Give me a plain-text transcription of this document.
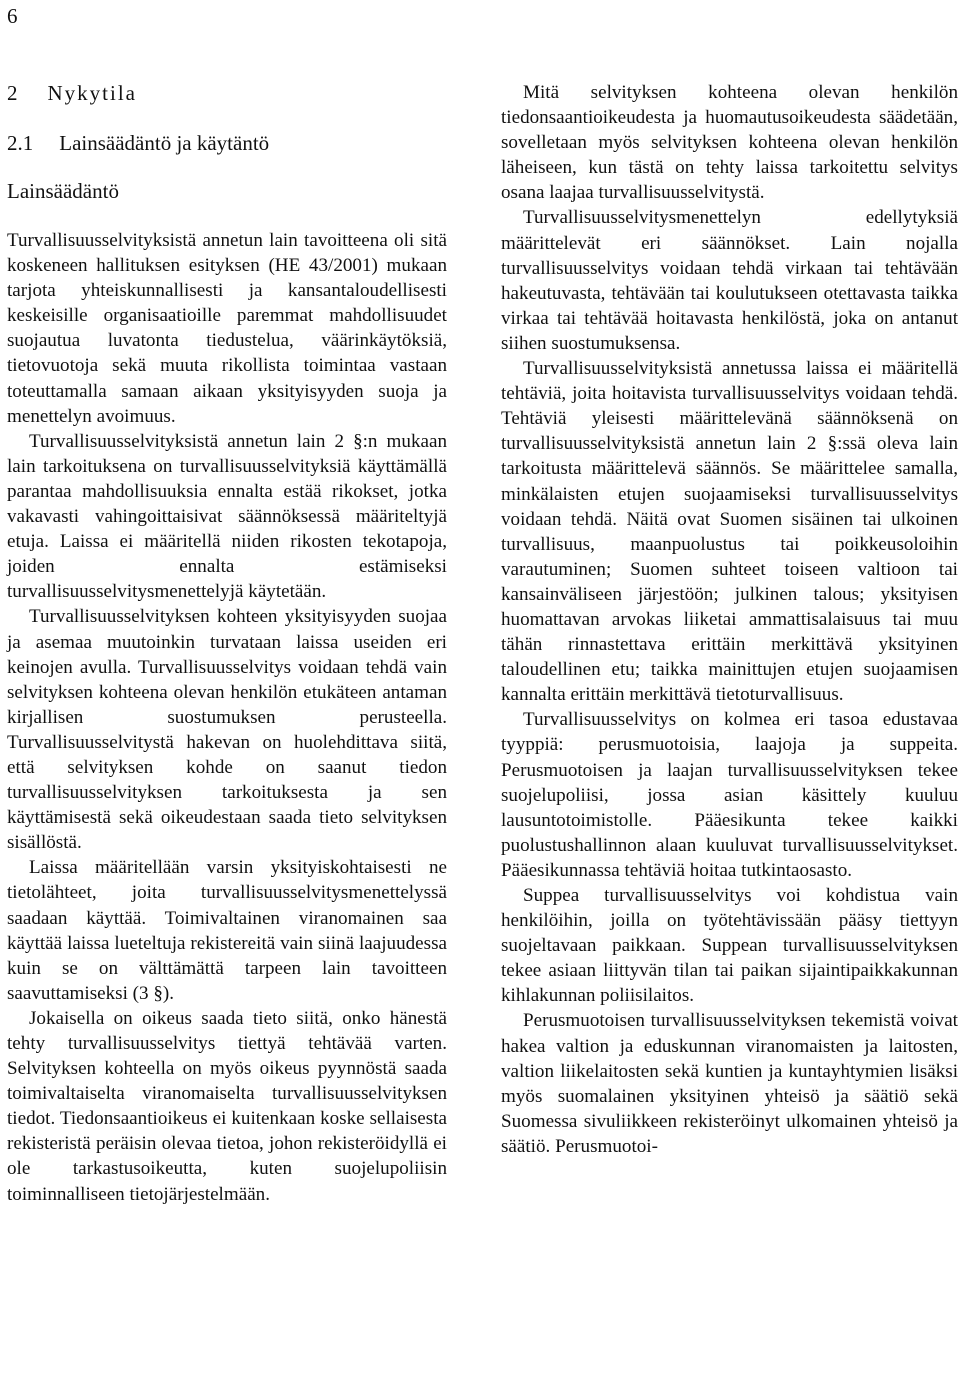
6
2 Nykytila
2.1 Lainsäädäntö ja käytäntö
Lainsäädäntö

Turvallisuusselvityksistä annetun lain tavoitteena oli sitä koskeneen hallituksen esityksen (HE 43/2001) mukaan tarjota yhteiskunnallisesti ja kansantaloudellisesti keskeisille organisaatioille paremmat mahdollisuudet suojautua luvatonta tiedustelua, väärinkäytöksiä, tietovuotoja sekä muuta rikollista toimintaa vastaan toteuttamalla samaan aikaan yksityisyyden suoja ja menettelyn avoimuus.

Turvallisuusselvityksistä annetun lain 2 §:n mukaan lain tarkoituksena on turvallisuusselvityksiä käyttämällä parantaa mahdollisuuksia ennalta estää rikokset, jotka vakavasti vahingoittaisivat säännöksessä määriteltyjä etuja. Laissa ei määritellä niiden rikosten tekotapoja, joiden ennalta estämiseksi turvallisuusselvitysmenettelyjä käytetään.

Turvallisuusselvityksen kohteen yksityisyyden suojaa ja asemaa muutoinkin turvataan laissa useiden eri keinojen avulla. Turvallisuusselvitys voidaan tehdä vain selvityksen kohteena olevan henkilön etukäteen antaman kirjallisen suostumuksen perusteella. Turvallisuusselvitystä hakevan on huolehdittava siitä, että selvityksen kohde on saanut tiedon turvallisuusselvityksen tarkoituksesta ja sen käyttämisestä sekä oikeudestaan saada tieto selvityksen sisällöstä.

Laissa määritellään varsin yksityiskohtaisesti ne tietolähteet, joita turvallisuusselvitysmenettelyssä saadaan käyttää. Toimivaltainen viranomainen saa käyttää laissa lueteltuja rekistereitä vain siinä laajuudessa kuin se on välttämättä tarpeen lain tavoitteen saavuttamiseksi (3 §).

Jokaisella on oikeus saada tieto siitä, onko hänestä tehty turvallisuusselvitys tiettyä tehtävää varten. Selvityksen kohteella on myös oikeus pyynnöstä saada toimivaltaiselta viranomaiselta turvallisuusselvityksen tiedot. Tiedonsaantioikeus ei kuitenkaan koske sellaisesta rekisteristä peräisin olevaa tietoa, johon rekisteröidyllä ei ole tarkastusoikeutta, kuten suojelupoliisin toiminnalliseen tietojärjestelmään.

Mitä selvityksen kohteena olevan henkilön tiedonsaantioikeudesta ja huomautusoikeudesta säädetään, sovelletaan myös selvityksen kohteena olevan henkilön läheiseen, kun tästä on tehty laissa tarkoitettu selvitys osana laajaa turvallisuusselvitystä.

Turvallisuusselvitysmenettelyn edellytyksiä määrittelevät eri säännökset. Lain nojalla turvallisuusselvitys voidaan tehdä virkaan tai tehtävään hakeutuvasta, tehtävään tai koulutukseen otettavasta taikka virkaa tai tehtävää hoitavasta henkilöstä, joka on antanut siihen suostumuksensa.

Turvallisuusselvityksistä annetussa laissa ei määritellä tehtäviä, joita hoitavista turvallisuusselvitys voidaan tehdä. Tehtäviä yleisesti määrittelevänä säännöksenä on turvallisuusselvityksistä annetun lain 2 §:ssä oleva lain tarkoitusta määrittelevä säännös. Se määrittelee samalla, minkälaisten etujen suojaamiseksi turvallisuusselvitys voidaan tehdä. Näitä ovat Suomen sisäinen tai ulkoinen turvallisuus, maanpuolustus tai poikkeusoloihin varautuminen; Suomen suhteet toiseen valtioon tai kansainväliseen järjestöön; julkinen talous; yksityisen huomattavan arvokas liiketai ammattisalaisuus tai muu tähän rinnastettava erittäin merkittävä yksityinen taloudellinen etu; taikka mainittujen etujen suojaamisen kannalta erittäin merkittävä tietoturvallisuus.

Turvallisuusselvitys on kolmea eri tasoa edustavaa tyyppiä: perusmuotoisia, laajoja ja suppeita. Perusmuotoisen ja laajan turvallisuusselvityksen tekee suojelupoliisi, jossa asian käsittely kuuluu lausuntotoimistolle. Pääesikunta tekee kaikki puolustushallinnon alaan kuuluvat turvallisuusselvitykset. Pääesikunnassa tehtäviä hoitaa tutkintaosasto.

Suppea turvallisuusselvitys voi kohdistua vain henkilöihin, joilla on työtehtävissään pääsy tiettyyn suojeltavaan paikkaan. Suppean turvallisuusselvityksen tekee asiaan liittyvän tilan tai paikan sijaintipaikkakunnan kihlakunnan poliisilaitos.

Perusmuotoisen turvallisuusselvityksen tekemistä voivat hakea valtion ja eduskunnan viranomaisten ja laitosten, valtion liikelaitosten sekä kuntien ja kuntayhtymien lisäksi myös suomalainen yksityinen yhteisö ja säätiö sekä Suomessa sivuliikkeen rekisteröinyt ulkomainen yhteisö ja säätiö. Perusmuotoi-
